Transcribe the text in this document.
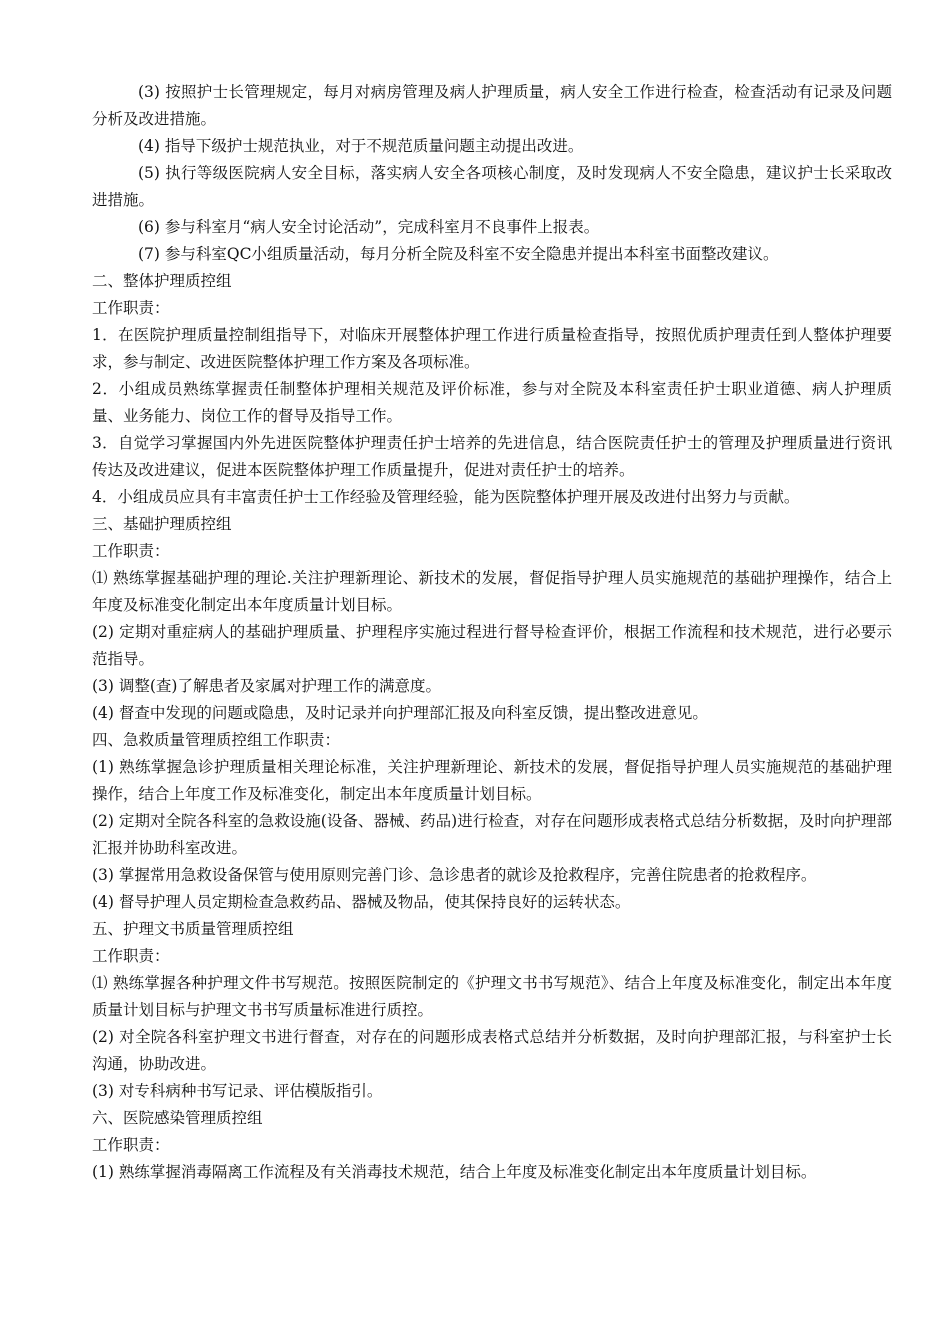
(3) 按照护士长管理规定，每月对病房管理及病人护理质量，病人安全工作进行检查，检查活动有记录及问题分析及改进措施。

(4) 指导下级护士规范执业，对于不规范质量问题主动提出改进。

(5) 执行等级医院病人安全目标，落实病人安全各项核心制度，及时发现病人不安全隐患，建议护士长采取改进措施。

(6) 参与科室月“病人安全讨论活动”，完成科室月不良事件上报表。

(7) 参与科室QC小组质量活动，每月分析全院及科室不安全隐患并提出本科室书面整改建议。

二、整体护理质控组

工作职责：

1．在医院护理质量控制组指导下，对临床开展整体护理工作进行质量检查指导，按照优质护理责任到人整体护理要求，参与制定、改进医院整体护理工作方案及各项标准。

2．小组成员熟练掌握责任制整体护理相关规范及评价标准，参与对全院及本科室责任护士职业道德、病人护理质量、业务能力、岗位工作的督导及指导工作。

3．自觉学习掌握国内外先进医院整体护理责任护士培养的先进信息，结合医院责任护士的管理及护理质量进行资讯传达及改进建议，促进本医院整体护理工作质量提升，促进对责任护士的培养。

4．小组成员应具有丰富责任护士工作经验及管理经验，能为医院整体护理开展及改进付出努力与贡献。

三、基础护理质控组

工作职责：

⑴ 熟练掌握基础护理的理论.关注护理新理论、新技术的发展，督促指导护理人员实施规范的基础护理操作，结合上年度及标准变化制定出本年度质量计划目标。

(2) 定期对重症病人的基础护理质量、护理程序实施过程进行督导检查评价，根据工作流程和技术规范，进行必要示范指导。

(3) 调整(查)了解患者及家属对护理工作的满意度。

(4) 督查中发现的问题或隐患，及时记录并向护理部汇报及向科室反馈，提出整改进意见。

四、急救质量管理质控组工作职责：

(1) 熟练掌握急诊护理质量相关理论标准，关注护理新理论、新技术的发展，督促指导护理人员实施规范的基础护理操作，结合上年度工作及标准变化，制定出本年度质量计划目标。

(2) 定期对全院各科室的急救设施(设备、器械、药品)进行检查，对存在问题形成表格式总结分析数据，及时向护理部汇报并协助科室改进。

(3) 掌握常用急救设备保管与使用原则完善门诊、急诊患者的就诊及抢救程序，完善住院患者的抢救程序。

(4) 督导护理人员定期检查急救药品、器械及物品，使其保持良好的运转状态。

五、护理文书质量管理质控组

工作职责：

⑴ 熟练掌握各种护理文件书写规范。按照医院制定的《护理文书书写规范》、结合上年度及标准变化，制定出本年度质量计划目标与护理文书书写质量标准进行质控。

(2) 对全院各科室护理文书进行督查，对存在的问题形成表格式总结并分析数据，及时向护理部汇报，与科室护士长沟通，协助改进。

(3) 对专科病种书写记录、评估模版指引。

六、医院感染管理质控组

工作职责：

(1) 熟练掌握消毒隔离工作流程及有关消毒技术规范，结合上年度及标准变化制定出本年度质量计划目标。
